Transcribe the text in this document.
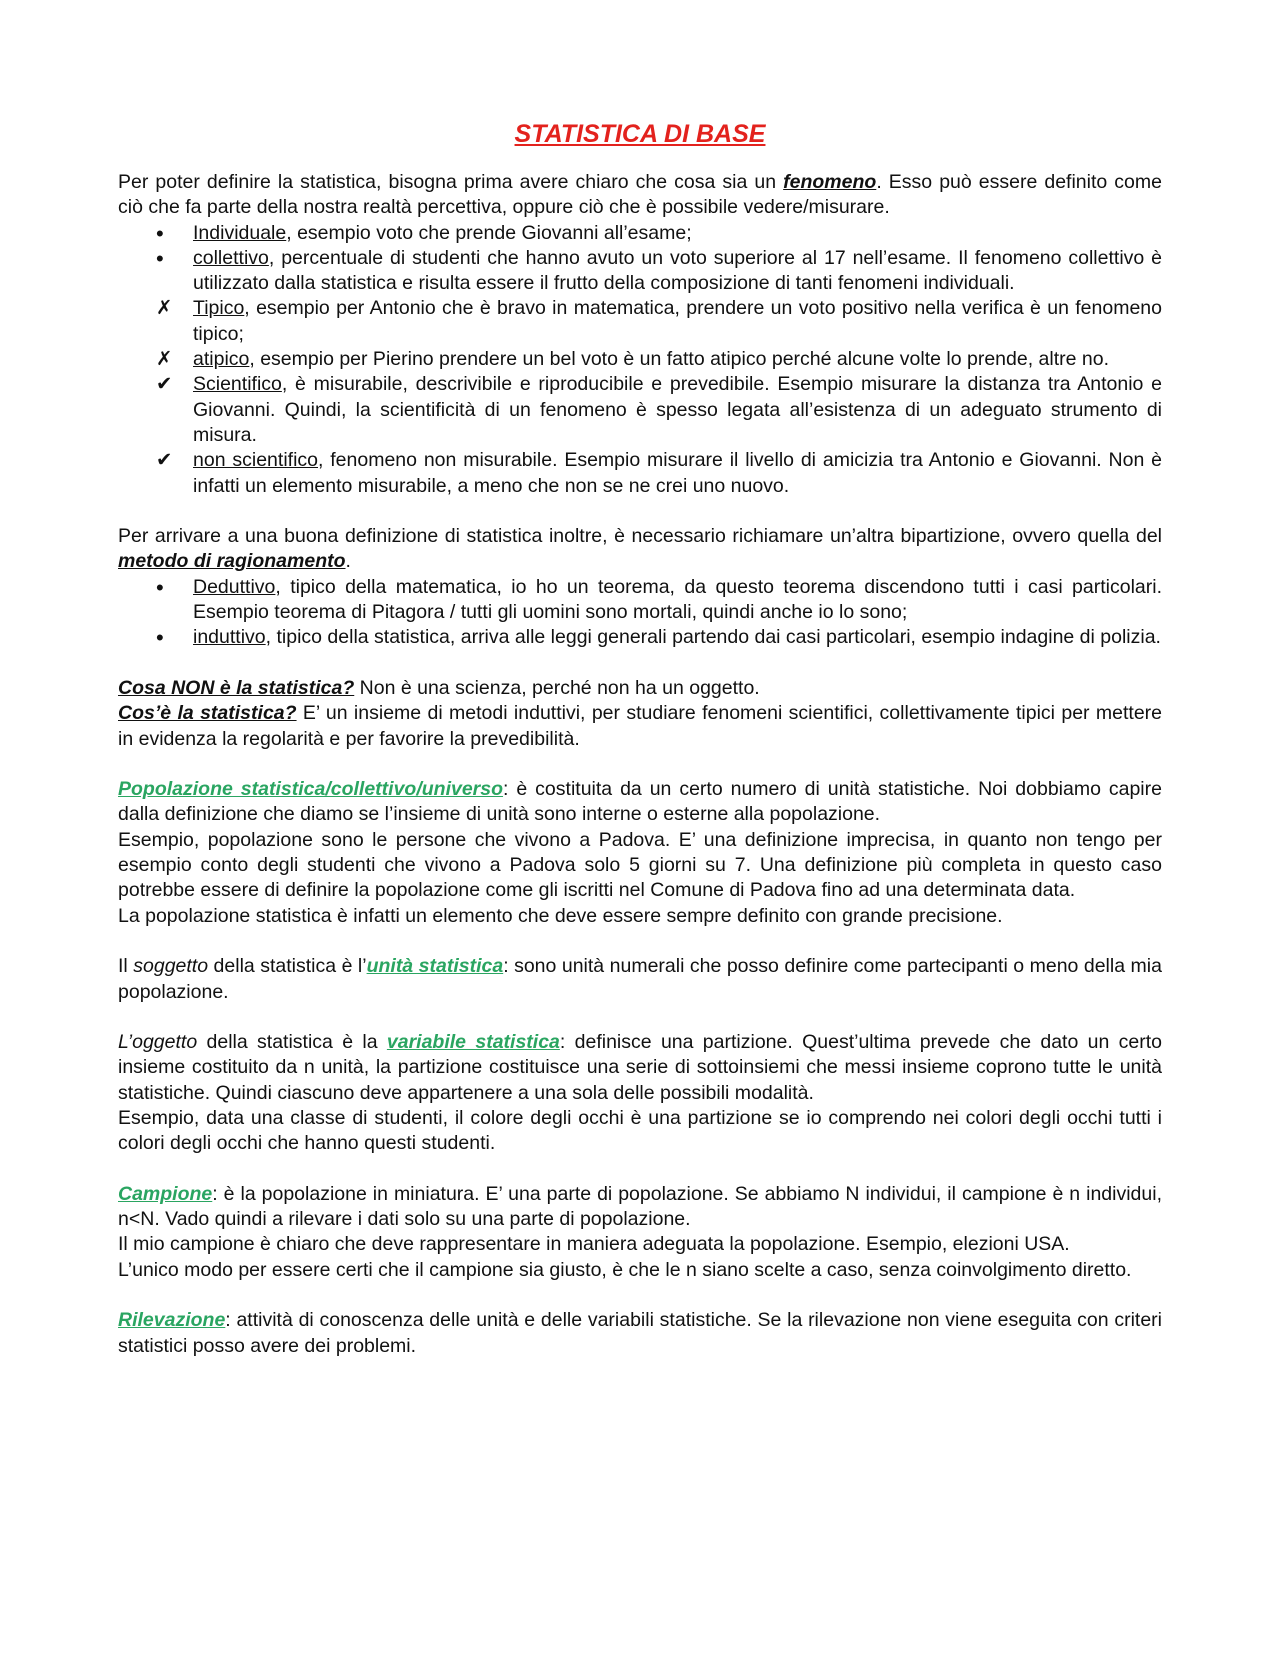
STATISTICA DI BASE

Per poter definire la statistica, bisogna prima avere chiaro che cosa sia un fenomeno. Esso può essere definito come ciò che fa parte della nostra realtà percettiva, oppure ciò che è possibile vedere/misurare.

•	Individuale, esempio voto che prende Giovanni all’esame;
•	collettivo, percentuale di studenti che hanno avuto un voto superiore al 17 nell’esame. Il fenomeno collettivo è utilizzato dalla statistica e risulta essere il frutto della composizione di tanti fenomeni individuali.
✗ Tipico, esempio per Antonio che è bravo in matematica, prendere un voto positivo nella verifica è un fenomeno tipico;
✗ atipico, esempio per Pierino prendere un bel voto è un fatto atipico perché alcune volte lo prende, altre no.
✔ Scientifico, è misurabile, descrivibile e riproducibile e prevedibile. Esempio misurare la distanza tra Antonio e Giovanni. Quindi, la scientificità di un fenomeno è spesso legata all’esistenza di un adeguato strumento di misura.
✔ non scientifico, fenomeno non misurabile. Esempio misurare il livello di amicizia tra Antonio e Giovanni. Non è infatti un elemento misurabile, a meno che non se ne crei uno nuovo.

Per arrivare a una buona definizione di statistica inoltre, è necessario richiamare un’altra bipartizione, ovvero quella del metodo di ragionamento.

•	Deduttivo, tipico della matematica, io ho un teorema, da questo teorema discendono tutti i casi particolari. Esempio teorema di Pitagora / tutti gli uomini sono mortali, quindi anche io lo sono;
•	induttivo, tipico della statistica, arriva alle leggi generali partendo dai casi particolari, esempio indagine di polizia.

Cosa NON è la statistica? Non è una scienza, perché non ha un oggetto.

Cos’è la statistica? E’ un insieme di metodi induttivi, per studiare fenomeni scientifici, collettivamente tipici per mettere in evidenza la regolarità e per favorire la prevedibilità.

Popolazione statistica/collettivo/universo: è costituita da un certo numero di unità statistiche. Noi dobbiamo capire dalla definizione che diamo se l’insieme di unità sono interne o esterne alla popolazione.

Esempio, popolazione sono le persone che vivono a Padova. E’ una definizione imprecisa, in quanto non tengo per esempio conto degli studenti che vivono a Padova solo 5 giorni su 7. Una definizione più completa in questo caso potrebbe essere di definire la popolazione come gli iscritti nel Comune di Padova fino ad una determinata data.

La popolazione statistica è infatti un elemento che deve essere sempre definito con grande precisione.

Il soggetto della statistica è l’unità statistica: sono unità numerali che posso definire come partecipanti o meno della mia popolazione.

L’oggetto della statistica è la variabile statistica: definisce una partizione. Quest’ultima prevede che dato un certo insieme costituito da n unità, la partizione costituisce una serie di sottoinsiemi che messi insieme coprono tutte le unità statistiche. Quindi ciascuno deve appartenere a una sola delle possibili modalità.

Esempio, data una classe di studenti, il colore degli occhi è una partizione se io comprendo nei colori degli occhi tutti i colori degli occhi che hanno questi studenti.

Campione: è la popolazione in miniatura. E’ una parte di popolazione. Se abbiamo N individui, il campione è n individui, n<N. Vado quindi a rilevare i dati solo su una parte di popolazione.

Il mio campione è chiaro che deve rappresentare in maniera adeguata la popolazione. Esempio, elezioni USA.

L’unico modo per essere certi che il campione sia giusto, è che le n siano scelte a caso, senza coinvolgimento diretto.

Rilevazione: attività di conoscenza delle unità e delle variabili statistiche. Se la rilevazione non viene eseguita con criteri statistici posso avere dei problemi.
